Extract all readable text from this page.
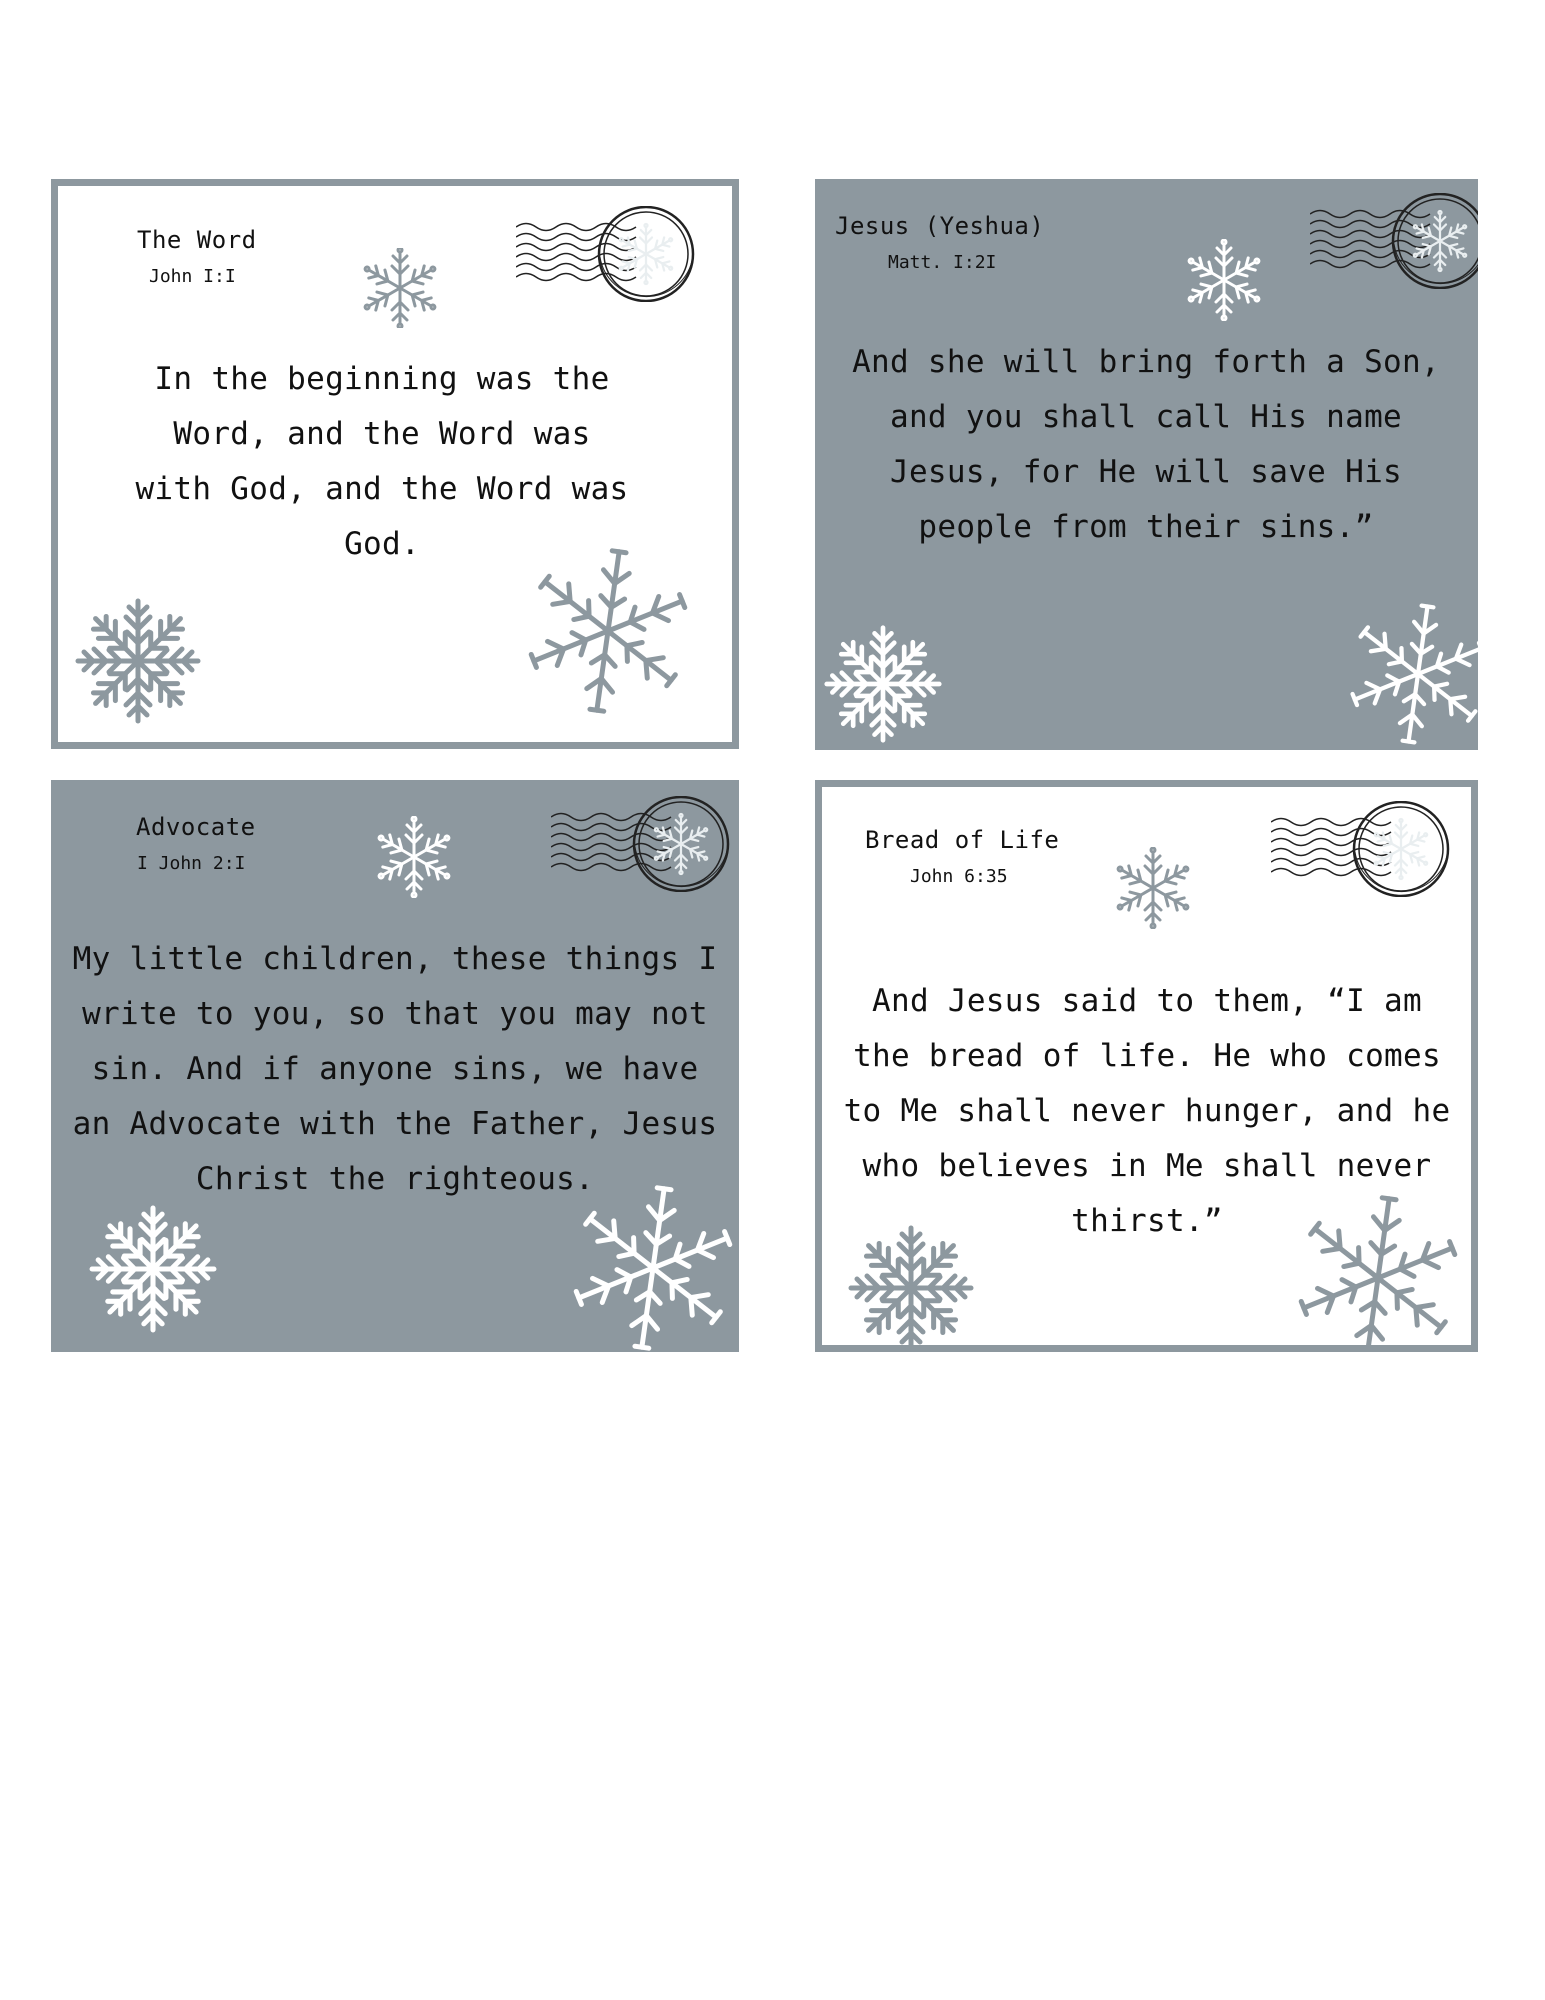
The Word
John I:I
In the beginning was the Word, and the Word was with God, and the Word was God.
Jesus (Yeshua)
Matt. I:2I
And she will bring forth a Son, and you shall call His name Jesus, for He will save His people from their sins.”
Advocate
I John 2:I
My little children, these things I write to you, so that you may not sin. And if anyone sins, we have an Advocate with the Father, Jesus Christ the righteous.
Bread of Life
John 6:35
And Jesus said to them, “I am the bread of life. He who comes to Me shall never hunger, and he who believes in Me shall never thirst.”
